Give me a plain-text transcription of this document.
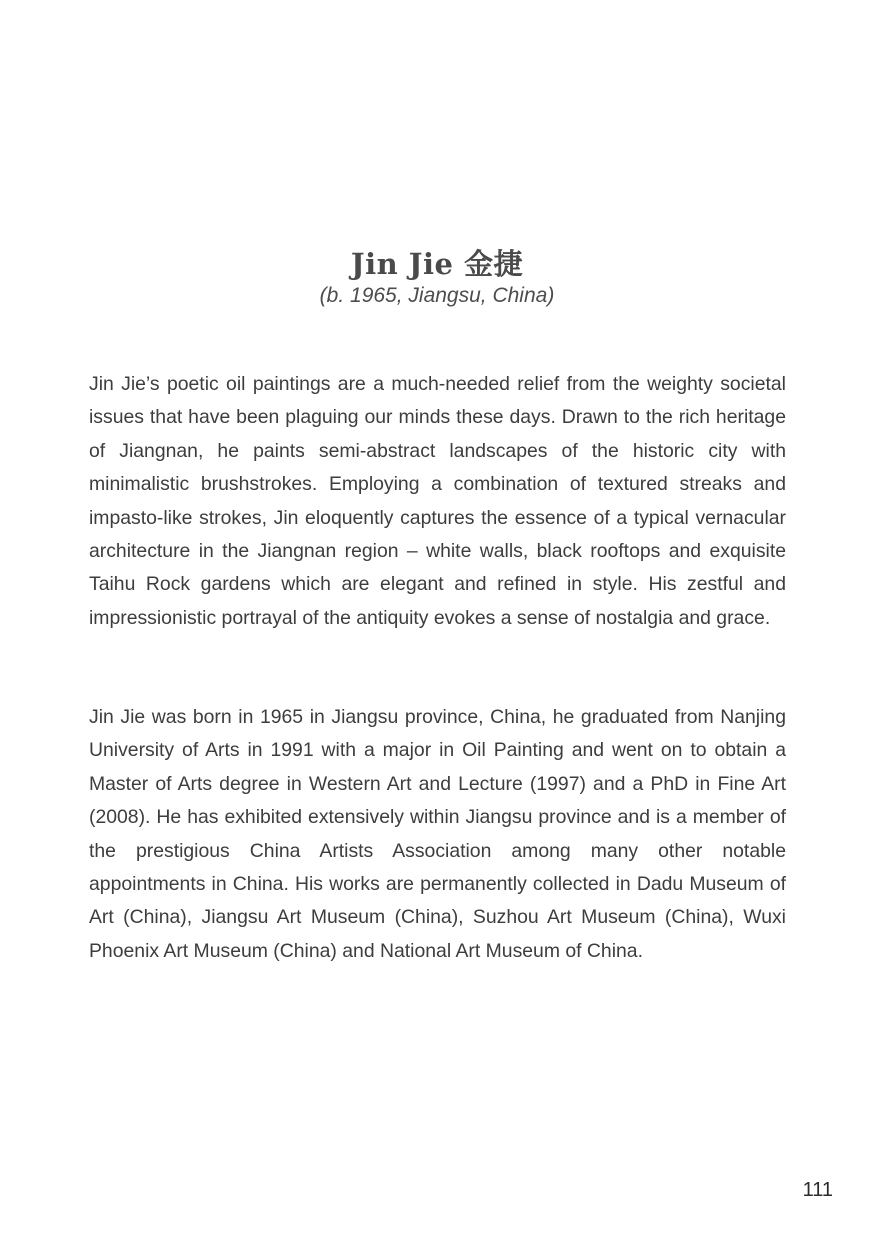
Jin Jie 金捷

(b. 1965, Jiangsu, China)

Jin Jie’s poetic oil paintings are a much-needed relief from the weighty societal issues that have been plaguing our minds these days. Drawn to the rich heritage of Jiangnan, he paints semi-abstract landscapes of the historic city with minimalistic brushstrokes. Employing a combination of textured streaks and impasto-like strokes, Jin eloquently captures the essence of a typical vernacular architecture in the Jiangnan region – white walls, black rooftops and exquisite Taihu Rock gardens which are elegant and refined in style. His zestful and impressionistic portrayal of the antiquity evokes a sense of nostalgia and grace.

Jin Jie was born in 1965 in Jiangsu province, China, he graduated from Nanjing University of Arts in 1991 with a major in Oil Painting and went on to obtain a Master of Arts degree in Western Art and Lecture (1997) and a PhD in Fine Art (2008). He has exhibited extensively within Jiangsu province and is a member of the prestigious China Artists Association among many other notable appointments in China. His works are permanently collected in Dadu Museum of Art (China), Jiangsu Art Museum (China), Suzhou Art Museum (China), Wuxi Phoenix Art Museum (China) and National Art Museum of China.

111
